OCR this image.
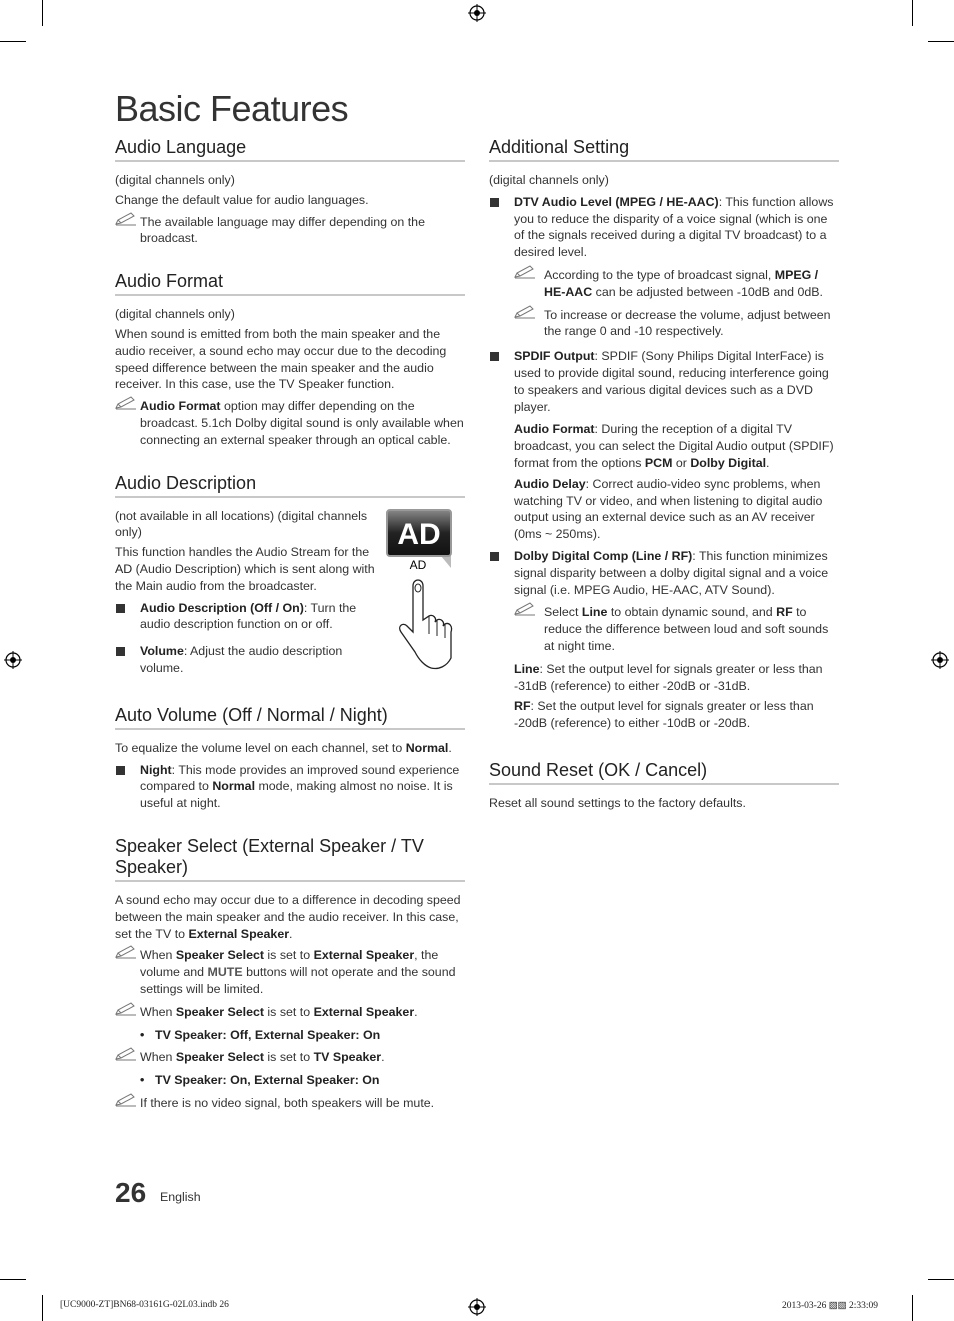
Basic Features
Audio Language

(digital channels only)

Change the default value for audio languages.

The available language may differ depending on the broadcast.
Audio Format

(digital channels only)

When sound is emitted from both the main speaker and the audio receiver, a sound echo may occur due to the decoding speed difference between the main speaker and the audio receiver. In this case, use the TV Speaker function.

Audio Format option may differ depending on the broadcast. 5.1ch Dolby digital sound is only available when connecting an external speaker through an optical cable.
Audio Description
AD
AD

(not available in all locations) (digital channels only)

This function handles the Audio Stream for the AD (Audio Description) which is sent along with the Main audio from the broadcaster.

Audio Description (Off / On): Turn the audio description function on or off.
Volume: Adjust the audio description volume.
Auto Volume (Off / Normal / Night)

To equalize the volume level on each channel, set to Normal.

Night: This mode provides an improved sound experience compared to Normal mode, making almost no noise. It is useful at night.
Speaker Select (External Speaker / TV Speaker)

A sound echo may occur due to a difference in decoding speed between the main speaker and the audio receiver. In this case, set the TV to External Speaker.

When Speaker Select is set to External Speaker, the volume and MUTE buttons will not operate and the sound settings will be limited.
When Speaker Select is set to External Speaker.
• TV Speaker: Off, External Speaker: On
When Speaker Select is set to TV Speaker.
• TV Speaker: On, External Speaker: On
If there is no video signal, both speakers will be mute.
Additional Setting

(digital channels only)

DTV Audio Level (MPEG / HE-AAC): This function allows you to reduce the disparity of a voice signal (which is one of the signals received during a digital TV broadcast) to a desired level.
According to the type of broadcast signal, MPEG / HE-AAC can be adjusted between -10dB and 0dB.
To increase or decrease the volume, adjust between the range 0 and -10 respectively.
SPDIF Output: SPDIF (Sony Philips Digital InterFace) is used to provide digital sound, reducing interference going to speakers and various digital devices such as a DVD player.
Audio Format: During the reception of a digital TV broadcast, you can select the Digital Audio output (SPDIF) format from the options PCM or Dolby Digital.
Audio Delay: Correct audio-video sync problems, when watching TV or video, and when listening to digital audio output using an external device such as an AV receiver (0ms ~ 250ms).
Dolby Digital Comp (Line / RF): This function minimizes signal disparity between a dolby digital signal and a voice signal (i.e. MPEG Audio, HE-AAC, ATV Sound).
Select Line to obtain dynamic sound, and RF to reduce the difference between loud and soft sounds at night time.
Line: Set the output level for signals greater or less than -31dB (reference) to either -20dB or -31dB.
RF: Set the output level for signals greater or less than -20dB (reference) to either -10dB or -20dB.
Sound Reset (OK / Cancel)

Reset all sound settings to the factory defaults.

26 English
[UC9000-ZT]BN68-03161G-02L03.indb 26	2013-03-26 ▧▧ 2:33:09
